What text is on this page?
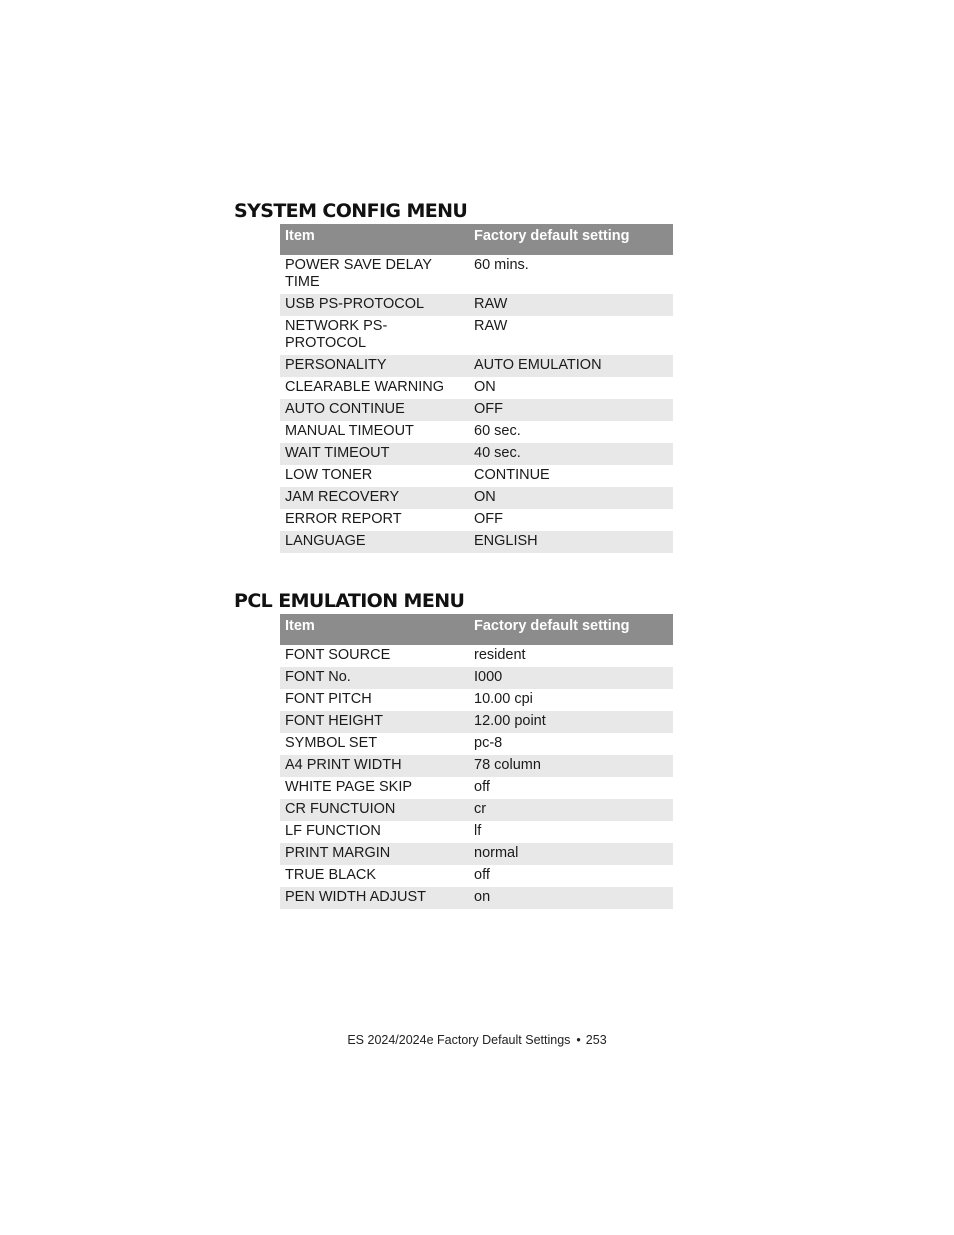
SYSTEM CONFIG MENU
Item	Factory default setting
POWER SAVE DELAY TIME	60 mins.
USB PS-PROTOCOL	RAW
NETWORK PS-PROTOCOL	RAW
PERSONALITY	AUTO EMULATION
CLEARABLE WARNING	ON
AUTO CONTINUE	OFF
MANUAL TIMEOUT	60 sec.
WAIT TIMEOUT	40 sec.
LOW TONER	CONTINUE
JAM RECOVERY	ON
ERROR REPORT	OFF
LANGUAGE	ENGLISH
PCL EMULATION MENU
Item	Factory default setting
FONT SOURCE	resident
FONT No.	I000
FONT PITCH	10.00 cpi
FONT HEIGHT	12.00 point
SYMBOL SET	pc-8
A4 PRINT WIDTH	78 column
WHITE PAGE SKIP	off
CR FUNCTUION	cr
LF FUNCTION	lf
PRINT MARGIN	normal
TRUE BLACK	off
PEN WIDTH ADJUST	on
ES 2024/2024e Factory Default Settings • 253
